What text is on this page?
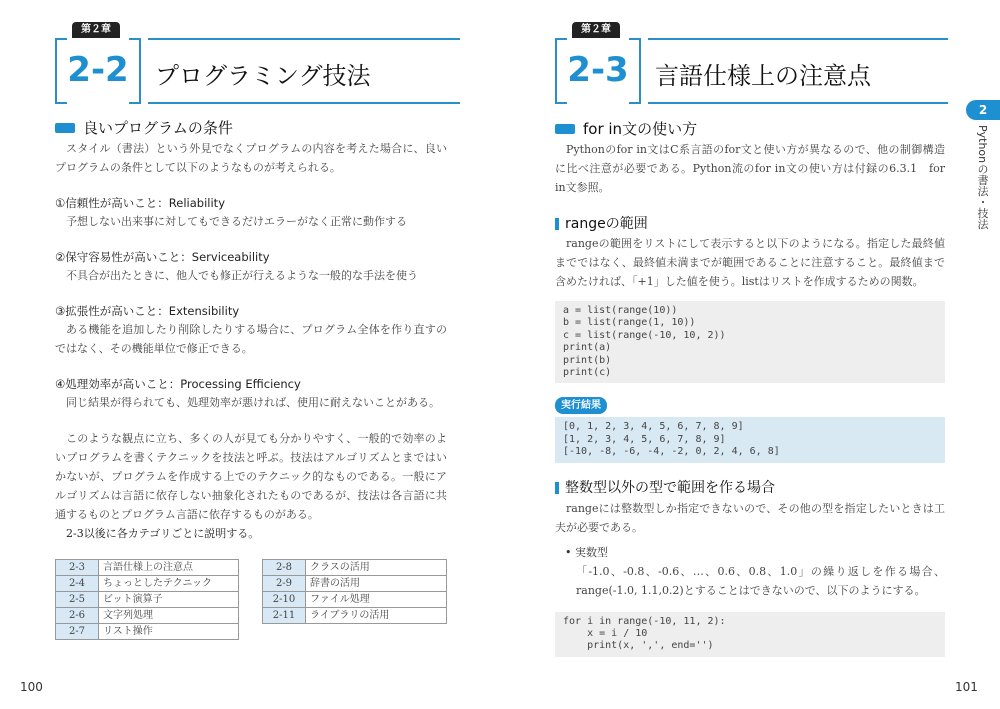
第２章
2-2	プログラミング技法
良いプログラムの条件

スタイル（書法）という外見でなくプログラムの内容を考えた場合に、良いプログラムの条件として以下のようなものが考えられる。

①信頼性が高いこと：Reliability

予想しない出来事に対してもできるだけエラーがなく正常に動作する

②保守容易性が高いこと：Serviceability

不具合が出たときに、他人でも修正が行えるような一般的な手法を使う

③拡張性が高いこと：Extensibility

ある機能を追加したり削除したりする場合に、プログラム全体を作り直すのではなく、その機能単位で修正できる。

④処理効率が高いこと：Processing Efficiency

同じ結果が得られても、処理効率が悪ければ、使用に耐えないことがある。

このような観点に立ち、多くの人が見ても分かりやすく、一般的で効率のよいプログラムを書くテクニックを技法と呼ぶ。技法はアルゴリズムとまではいかないが、プログラムを作成する上でのテクニック的なものである。一般にアルゴリズムは言語に依存しない抽象化されたものであるが、技法は各言語に共通するものとプログラム言語に依存するものがある。

2-3以後に各カテゴリごとに説明する。

2-3	言語仕様上の注意点
2-4	ちょっとしたテクニック
2-5	ビット演算子
2-6	文字列処理
2-7	リスト操作
2-8	クラスの活用
2-9	辞書の活用
2-10	ファイル処理
2-11	ライブラリの活用
100
第２章
2-3	言語仕様上の注意点
for in文の使い方

Pythonのfor in文はC系言語のfor文と使い方が異なるので、他の制御構造に比べ注意が必要である。Python流のfor in文の使い方は付録の6.3.1　for in文参照。

rangeの範囲

rangeの範囲をリストにして表示すると以下のようになる。指定した最終値までではなく、最終値未満までが範囲であることに注意すること。最終値まで含めたければ、「+1」した値を使う。listはリストを作成するための関数。

a = list(range(10))
b = list(range(1, 10))
c = list(range(-10, 10, 2))
print(a)
print(b)
print(c)
実行結果
[0, 1, 2, 3, 4, 5, 6, 7, 8, 9]
[1, 2, 3, 4, 5, 6, 7, 8, 9]
[-10, -8, -6, -4, -2, 0, 2, 4, 6, 8]
整数型以外の型で範囲を作る場合

rangeには整数型しか指定できないので、その他の型を指定したいときは工夫が必要である。

• 実数型

「-1.0、-0.8、-0.6、…、0.6、0.8、1.0」の繰り返しを作る場合、range(-1.0, 1.1,0.2)とすることはできないので、以下のようにする。

for i in range(-10, 11, 2):
x = i / 10
print(x, ',', end='')
101
2
Pythonの書法・技法
